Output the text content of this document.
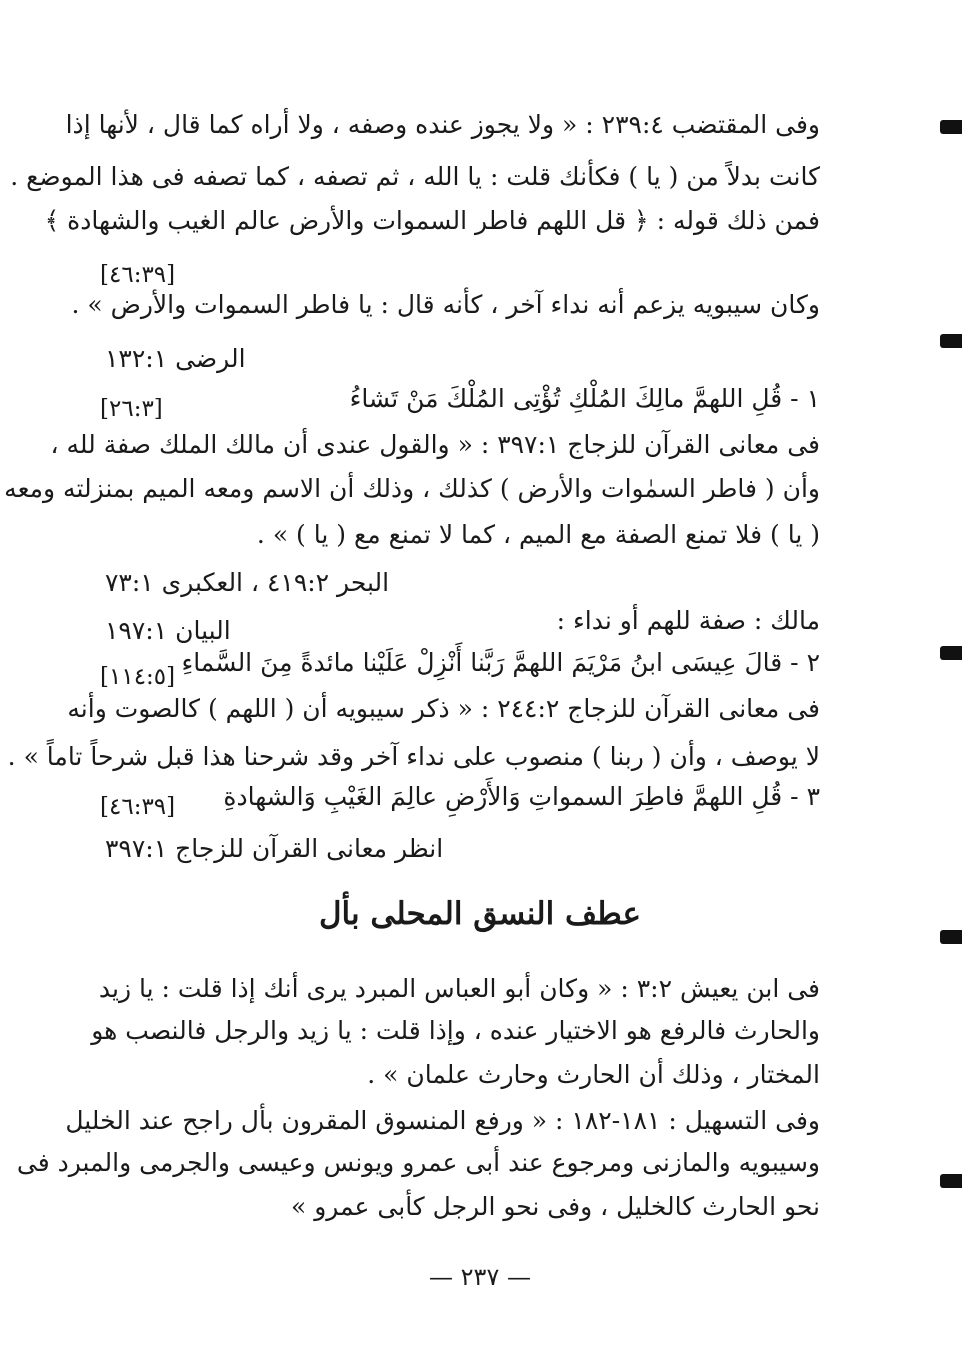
وفى المقتضب ٢٣٩:٤ : « ولا يجوز عنده وصفه ، ولا أراه كما قال ، لأنها إذا
كانت بدلاً من ( يا ) فكأنك قلت : يا الله ، ثم تصفه ، كما تصفه فى هذا الموضع .
فمن ذلك قوله : ﴿ قل اللهم فاطر السموات والأرض عالم الغيب والشهادة ﴾
[٤٦:٣٩]
وكان سيبويه يزعم أنه نداء آخر ، كأنه قال : يا فاطر السموات والأرض » .
الرضى ١٣٢:١
١ - قُلِ اللهمَّ مالِكَ المُلْكِ تُؤْتِى المُلْكَ مَنْ تَشاءُ
[٢٦:٣]
فى معانى القرآن للزجاج ٣٩٧:١ : « والقول عندى أن مالك الملك صفة لله ،
وأن ( فاطر السمٰوات والأرض ) كذلك ، وذلك أن الاسم ومعه الميم بمنزلته ومعه
( يا ) فلا تمنع الصفة مع الميم ، كما لا تمنع مع ( يا ) » .
البحر ٤١٩:٢ ، العكبرى ٧٣:١
مالك : صفة للهم أو نداء :
البيان ١٩٧:١
٢ - قالَ عِيسَى ابنُ مَرْيَمَ اللهمَّ رَبَّنا أَنْزِلْ عَلَيْنا مائدةً مِنَ السَّماءِ
[١١٤:٥]
فى معانى القرآن للزجاج ٢٤٤:٢ : « ذكر سيبويه أن ( اللهم ) كالصوت وأنه
لا يوصف ، وأن ( ربنا ) منصوب على نداء آخر وقد شرحنا هذا قبل شرحاً تاماً » .
٣ - قُلِ اللهمَّ فاطِرَ السمواتِ وَالأَرْضِ عالِمَ الغَيْبِ وَالشهادةِ
[٤٦:٣٩]
انظر معانى القرآن للزجاج ٣٩٧:١
عطف النسق المحلى بأل
فى ابن يعيش ٣:٢ : « وكان أبو العباس المبرد يرى أنك إذا قلت : يا زيد
والحارث فالرفع هو الاختيار عنده ، وإذا قلت : يا زيد والرجل فالنصب هو
المختار ، وذلك أن الحارث وحارث علمان » .
وفى التسهيل : ١٨١-١٨٢ : « ورفع المنسوق المقرون بأل راجح عند الخليل
وسيبويه والمازنى ومرجوع عند أبى عمرو ويونس وعيسى والجرمى والمبرد فى
نحو الحارث كالخليل ، وفى نحو الرجل كأبى عمرو »
— ٢٣٧ —
